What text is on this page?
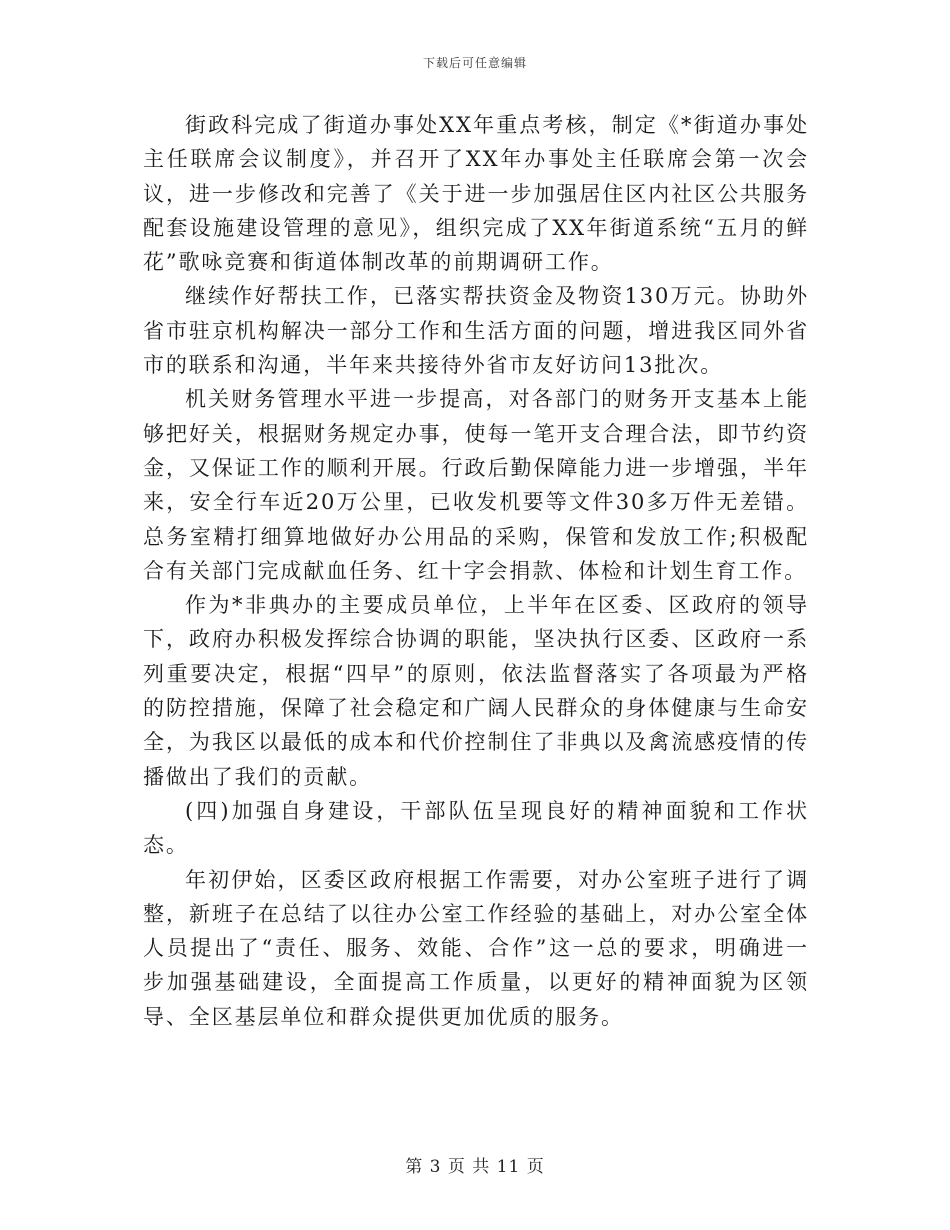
下载后可任意编辑

街政科完成了街道办事处XX年重点考核，制定《*街道办事处主任联席会议制度》，并召开了XX年办事处主任联席会第一次会议，进一步修改和完善了《关于进一步加强居住区内社区公共服务配套设施建设管理的意见》，组织完成了XX年街道系统“五月的鲜花”歌咏竞赛和街道体制改革的前期调研工作。

继续作好帮扶工作，已落实帮扶资金及物资130万元。协助外省市驻京机构解决一部分工作和生活方面的问题，增进我区同外省市的联系和沟通，半年来共接待外省市友好访问13批次。

机关财务管理水平进一步提高，对各部门的财务开支基本上能够把好关，根据财务规定办事，使每一笔开支合理合法，即节约资金，又保证工作的顺利开展。行政后勤保障能力进一步增强，半年来，安全行车近20万公里，已收发机要等文件30多万件无差错。总务室精打细算地做好办公用品的采购，保管和发放工作;积极配合有关部门完成献血任务、红十字会捐款、体检和计划生育工作。

作为*非典办的主要成员单位，上半年在区委、区政府的领导下，政府办积极发挥综合协调的职能，坚决执行区委、区政府一系列重要决定，根据“四早”的原则，依法监督落实了各项最为严格的防控措施，保障了社会稳定和广阔人民群众的身体健康与生命安全，为我区以最低的成本和代价控制住了非典以及禽流感疫情的传播做出了我们的贡献。

(四)加强自身建设，干部队伍呈现良好的精神面貌和工作状态。

年初伊始，区委区政府根据工作需要，对办公室班子进行了调整，新班子在总结了以往办公室工作经验的基础上，对办公室全体人员提出了“责任、服务、效能、合作”这一总的要求，明确进一步加强基础建设，全面提高工作质量，以更好的精神面貌为区领导、全区基层单位和群众提供更加优质的服务。

第 3 页 共 11 页
